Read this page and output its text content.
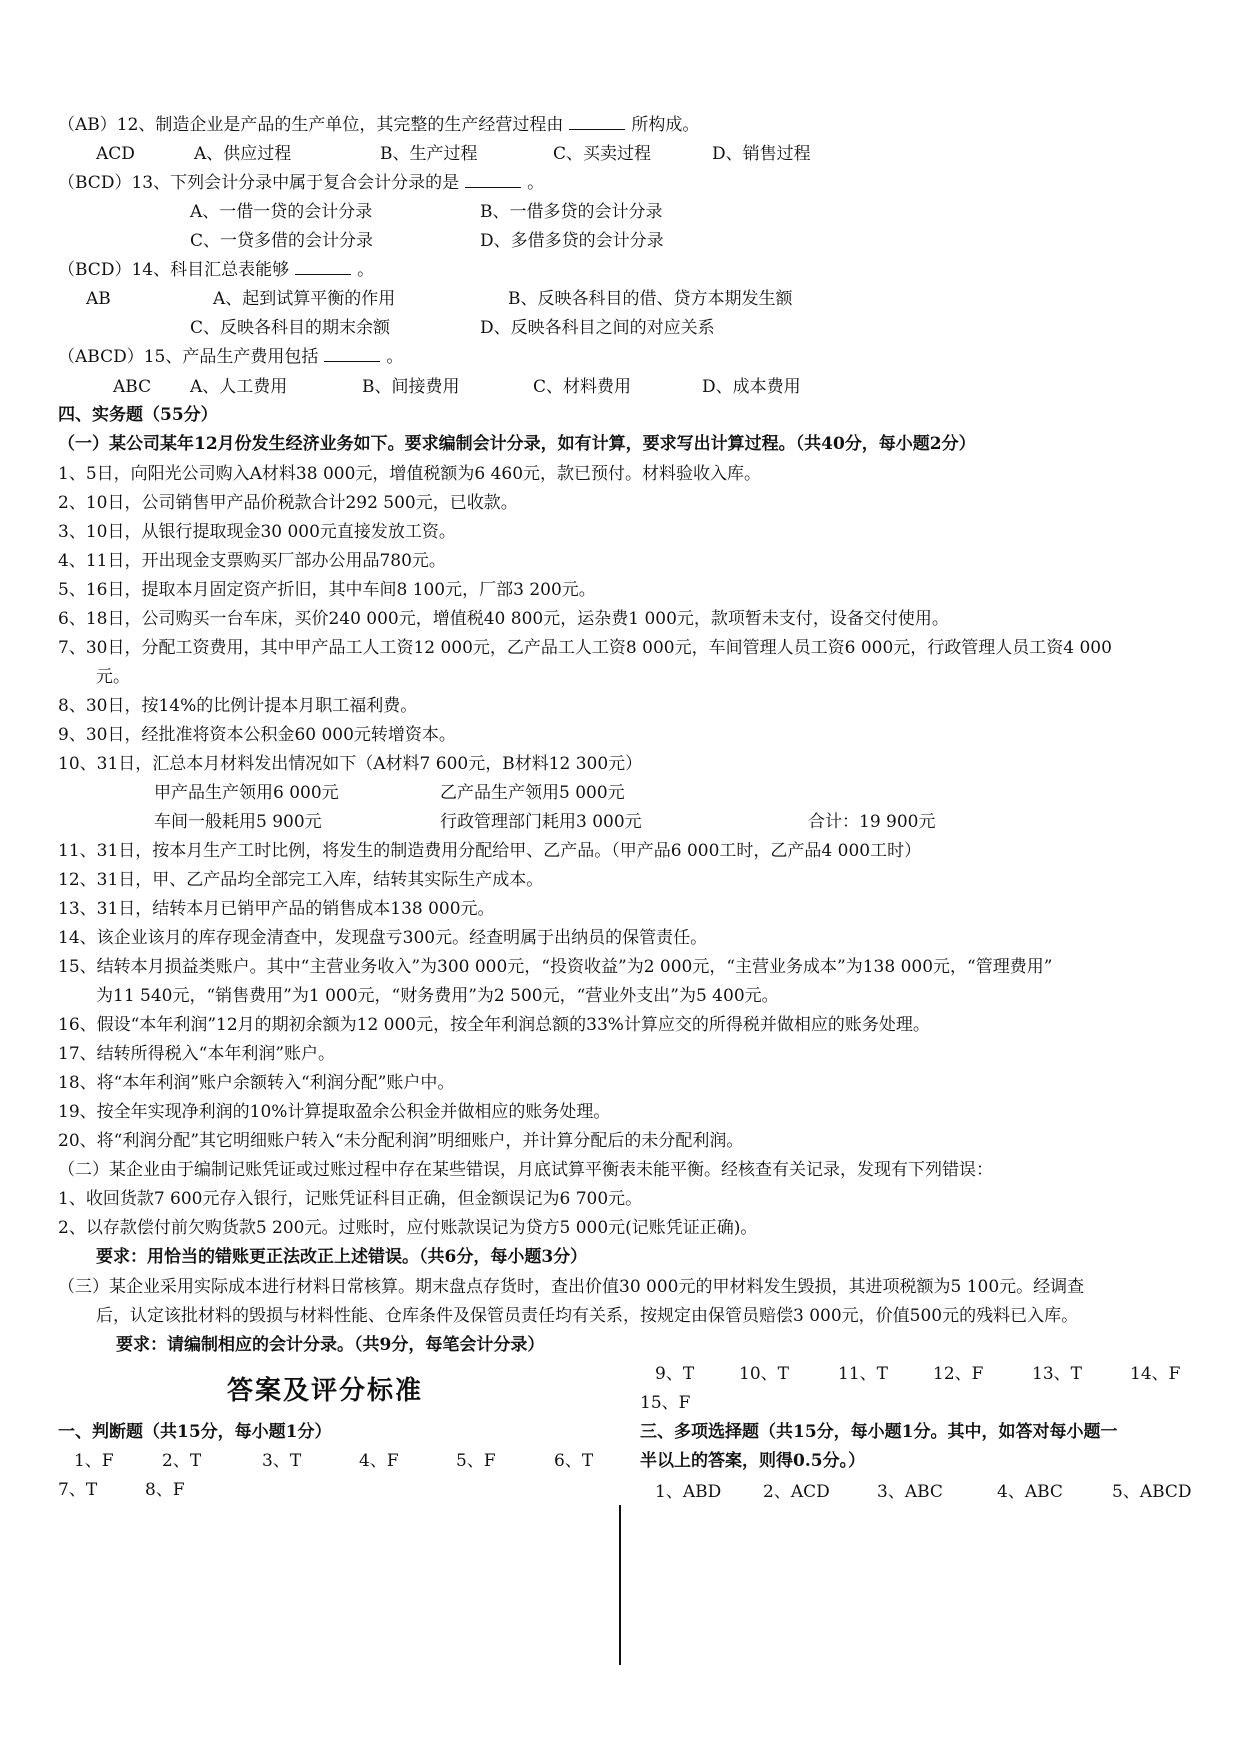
（AB）12、制造企业是产品的生产单位，其完整的生产经营过程由	所构成。
ACD	A、供应过程	B、生产过程	C、买卖过程	D、销售过程
（BCD）13、下列会计分录中属于复合会计分录的是	。
A、一借一贷的会计分录	B、一借多贷的会计分录
C、一贷多借的会计分录	D、多借多贷的会计分录
（BCD）14、科目汇总表能够	。
AB	A、起到试算平衡的作用	B、反映各科目的借、贷方本期发生额
C、反映各科目的期末余额	D、反映各科目之间的对应关系
（ABCD）15、产品生产费用包括	。
ABC A、人工费用	B、间接费用	C、材料费用	D、成本费用
四、实务题（55分）
（一）某公司某年12月份发生经济业务如下。要求编制会计分录，如有计算，要求写出计算过程。（共40分，每小题2分）
1、5日，向阳光公司购入A材料38 000元，增值税额为6 460元，款已预付。材料验收入库。
2、10日，公司销售甲产品价税款合计292 500元，已收款。
3、10日，从银行提取现金30 000元直接发放工资。
4、11日，开出现金支票购买厂部办公用品780元。
5、16日，提取本月固定资产折旧，其中车间8 100元，厂部3 200元。
6、18日，公司购买一台车床，买价240 000元，增值税40 800元，运杂费1 000元，款项暂未支付，设备交付使用。
7、30日，分配工资费用，其中甲产品工人工资12 000元，乙产品工人工资8 000元，车间管理人员工资6 000元，行政管理人员工资4 000
元。
8、30日，按14%的比例计提本月职工福利费。
9、30日，经批准将资本公积金60 000元转增资本。
10、31日，汇总本月材料发出情况如下（A材料7 600元，B材料12 300元）
甲产品生产领用6 000元	乙产品生产领用5 000元
车间一般耗用5 900元	行政管理部门耗用3 000元	合计：19 900元
11、31日，按本月生产工时比例，将发生的制造费用分配给甲、乙产品。（甲产品6 000工时，乙产品4 000工时）
12、31日，甲、乙产品均全部完工入库，结转其实际生产成本。
13、31日，结转本月已销甲产品的销售成本138 000元。
14、该企业该月的库存现金清查中，发现盘亏300元。经查明属于出纳员的保管责任。
15、结转本月损益类账户。其中“主营业务收入”为300 000元，“投资收益”为2 000元，“主营业务成本”为138 000元，“管理费用”
为11 540元，“销售费用”为1 000元，“财务费用”为2 500元，“营业外支出”为5 400元。
16、假设“本年利润”12月的期初余额为12 000元，按全年利润总额的33%计算应交的所得税并做相应的账务处理。
17、结转所得税入“本年利润”账户。
18、将“本年利润”账户余额转入“利润分配”账户中。
19、按全年实现净利润的10%计算提取盈余公积金并做相应的账务处理。
20、将“利润分配”其它明细账户转入“未分配利润”明细账户，并计算分配后的未分配利润。
（二）某企业由于编制记账凭证或过账过程中存在某些错误，月底试算平衡表未能平衡。经核查有关记录，发现有下列错误：
1、收回货款7 600元存入银行，记账凭证科目正确，但金额误记为6 700元。
2、以存款偿付前欠购货款5 200元。过账时，应付账款误记为贷方5 000元(记账凭证正确)。
要求：用恰当的错账更正法改正上述错误。（共6分，每小题3分）
（三）某企业采用实际成本进行材料日常核算。期末盘点存货时，查出价值30 000元的甲材料发生毁损，其进项税额为5 100元。经调查
后，认定该批材料的毁损与材料性能、仓库条件及保管员责任均有关系，按规定由保管员赔偿3 000元，价值500元的残料已入库。
要求：请编制相应的会计分录。（共9分，每笔会计分录）
答案及评分标准
一、判断题（共15分，每小题1分）
1、F	2、T	3、T	4、F	5、F	6、T
7、T	8、F
9、T	10、T	11、T	12、F	13、T	14、F
15、F
三、多项选择题（共15分，每小题1分。其中，如答对每小题一
半以上的答案，则得0.5分。）
1、ABD 2、ACD	3、ABC	4、ABC	5、ABCD
